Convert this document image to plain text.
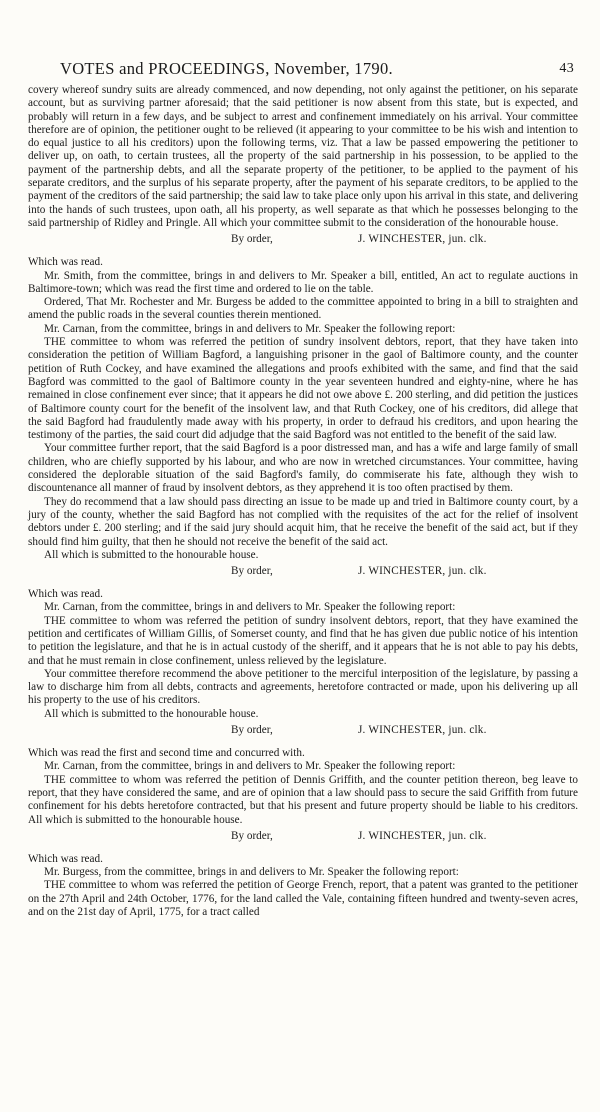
VOTES and PROCEEDINGS, November, 1790.	43

covery whereof sundry suits are already commenced, and now depending, not only against the petitioner, on his separate account, but as surviving partner aforesaid; that the said petitioner is now absent from this state, but is expected, and probably will return in a few days, and be subject to arrest and confinement immediately on his arrival. Your committee therefore are of opinion, the petitioner ought to be relieved (it appearing to your committee to be his wish and intention to do equal justice to all his creditors) upon the following terms, viz. That a law be passed empowering the petitioner to deliver up, on oath, to certain trustees, all the property of the said partnership in his possession, to be applied to the payment of the partnership debts, and all the separate property of the petitioner, to be applied to the payment of his separate creditors, and the surplus of his separate property, after the payment of his separate creditors, to be applied to the payment of the creditors of the said partnership; the said law to take place only upon his arrival in this state, and delivering into the hands of such trustees, upon oath, all his property, as well separate as that which he possesses belonging to the said partnership of Ridley and Pringle. All which your committee submit to the consideration of the honourable house.

By order,	J. WINCHESTER, jun. clk.

Which was read.

Mr. Smith, from the committee, brings in and delivers to Mr. Speaker a bill, entitled, An act to regulate auctions in Baltimore-town; which was read the first time and ordered to lie on the table.

Ordered, That Mr. Rochester and Mr. Burgess be added to the committee appointed to bring in a bill to straighten and amend the public roads in the several counties therein mentioned.

Mr. Carnan, from the committee, brings in and delivers to Mr. Speaker the following report:

THE committee to whom was referred the petition of sundry insolvent debtors, report, that they have taken into consideration the petition of William Bagford, a languishing prisoner in the gaol of Baltimore county, and the counter petition of Ruth Cockey, and have examined the allegations and proofs exhibited with the same, and find that the said Bagford was committed to the gaol of Baltimore county in the year seventeen hundred and eighty-nine, where he has remained in close confinement ever since; that it appears he did not owe above £. 200 sterling, and did petition the justices of Baltimore county court for the benefit of the insolvent law, and that Ruth Cockey, one of his creditors, did allege that the said Bagford had fraudulently made away with his property, in order to defraud his creditors, and upon hearing the testimony of the parties, the said court did adjudge that the said Bagford was not entitled to the benefit of the said law.

Your committee further report, that the said Bagford is a poor distressed man, and has a wife and large family of small children, who are chiefly supported by his labour, and who are now in wretched circumstances. Your committee, having considered the deplorable situation of the said Bagford's family, do commiserate his fate, although they wish to discountenance all manner of fraud by insolvent debtors, as they apprehend it is too often practised by them.

They do recommend that a law should pass directing an issue to be made up and tried in Baltimore county court, by a jury of the county, whether the said Bagford has not complied with the requisites of the act for the relief of insolvent debtors under £. 200 sterling; and if the said jury should acquit him, that he receive the benefit of the said act, but if they should find him guilty, that then he should not receive the benefit of the said act.

All which is submitted to the honourable house.

By order,	J. WINCHESTER, jun. clk.

Which was read.

Mr. Carnan, from the committee, brings in and delivers to Mr. Speaker the following report:

THE committee to whom was referred the petition of sundry insolvent debtors, report, that they have examined the petition and certificates of William Gillis, of Somerset county, and find that he has given due public notice of his intention to petition the legislature, and that he is in actual custody of the sheriff, and it appears that he is not able to pay his debts, and that he must remain in close confinement, unless relieved by the legislature.

Your committee therefore recommend the above petitioner to the merciful interposition of the legislature, by passing a law to discharge him from all debts, contracts and agreements, heretofore contracted or made, upon his delivering up all his property to the use of his creditors.

All which is submitted to the honourable house.

By order,	J. WINCHESTER, jun. clk.

Which was read the first and second time and concurred with.

Mr. Carnan, from the committee, brings in and delivers to Mr. Speaker the following report:

THE committee to whom was referred the petition of Dennis Griffith, and the counter petition thereon, beg leave to report, that they have considered the same, and are of opinion that a law should pass to secure the said Griffith from future confinement for his debts heretofore contracted, but that his present and future property should be liable to his creditors. All which is submitted to the honourable house.

By order,	J. WINCHESTER, jun. clk.

Which was read.

Mr. Burgess, from the committee, brings in and delivers to Mr. Speaker the following report:

THE committee to whom was referred the petition of George French, report, that a patent was granted to the petitioner on the 27th April and 24th October, 1776, for the land called the Vale, containing fifteen hundred and twenty-seven acres, and on the 21st day of April, 1775, for a tract called
